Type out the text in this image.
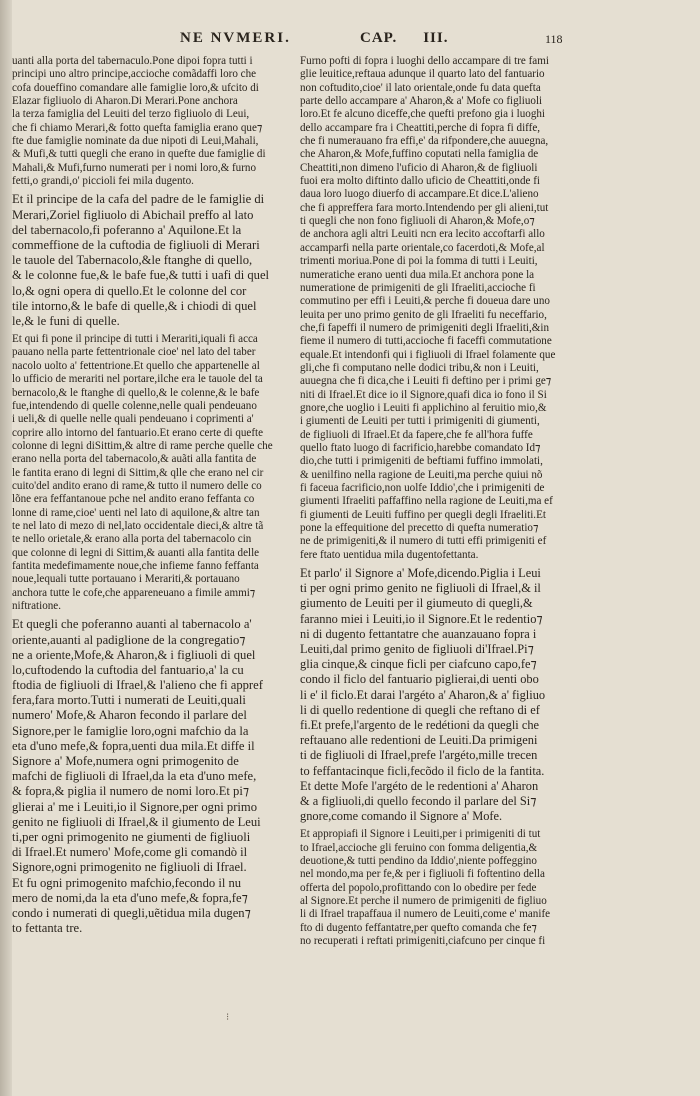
NE NVMERI.	CAP. III.	118
uanti alla porta del tabernaculo.Pone dipoi fopra tutti i
principi uno altro principe,accioche comãdaffi loro che
cofa doueffino comandare alle famiglie loro,& ufcito di
Elazar figliuolo di Aharon.Di Merari.Pone anchora
la terza famiglia del Leuiti del terzo figliuolo di Leui,
che fi chiamo Merari,& fotto quefta famiglia erano que⁊
fte due famiglie nominate da due nipoti di Leui,Mahali,
& Mufi,& tutti quegli che erano in quefte due famiglie di
Mahali,& Mufi,furno numerati per i nomi loro,& furno
fetti,o grandi,o' piccioli fei mila dugento.
Et il principe de la cafa del padre de le famiglie di
Merari,Zoriel figliuolo di Abichail preffo al lato
del tabernacolo,fi poferanno a' Aquilone.Et la
commeffione de la cuftodia de figliuoli di Merari
le tauole del Tabernacolo,&le ftanghe di quello,
& le colonne fue,& le bafe fue,& tutti i uafi di quel
lo,& ogni opera di quello.Et le colonne del cor
tile intorno,& le bafe di quelle,& i chiodi di quel
le,& le funi di quelle.
Et qui fi pone il principe di tutti i Merariti,iquali fi acca
pauano nella parte fettentrionale cioe' nel lato del taber
nacolo uolto a' fettentrione.Et quello che appartenelle al
lo ufficio de merariti nel portare,ilche era le tauole del ta
bernacolo,& le ftanghe di quello,& le colenne,& le bafe
fue,intendendo di quelle colenne,nelle quali pendeuano
i ueli,& di quelle nelle quali pendeuano i coprimenti a'
coprire allo intorno del fantuario.Et erano certe di quefte
colonne di legni diSittim,& altre di rame perche quelle che
erano nella porta del tabernacolo,& auãti alla fantita de
le fantita erano di legni di Sittim,& qlle che erano nel cir
cuito'del andito erano di rame,& tutto il numero delle co
lõne era feffantanoue pche nel andito erano feffanta co
lonne di rame,cioe' uenti nel lato di aquilone,& altre tan
te nel lato di mezo di nel,lato occidentale dieci,& altre tã
te nello orietale,& erano alla porta del tabernacolo cin
que colonne di legni di Sittim,& auanti alla fantita delle
fantita medefimamente noue,che infieme fanno feffanta
noue,lequali tutte portauano i Merariti,& portauano
anchora tutte le cofe,che appareneuano a fimile ammi⁊
niftratione.
Et quegli che poferanno auanti al tabernacolo a'
oriente,auanti al padiglione de la congregatio⁊
ne a oriente,Mofe,& Aharon,& i figliuoli di quel
lo,cuftodendo la cuftodia del fantuario,a' la cu
ftodia de figliuoli di Ifrael,& l'alieno che fi appref
fera,fara morto.Tutti i numerati de Leuiti,quali
numero' Mofe,& Aharon fecondo il parlare del
Signore,per le famiglie loro,ogni mafchio da la
eta d'uno mefe,& fopra,uenti dua mila.Et diffe il
Signore a' Mofe,numera ogni primogenito de
mafchi de figliuoli di Ifrael,da la eta d'uno mefe,
& fopra,& piglia il numero de nomi loro.Et pi⁊
glierai a' me i Leuiti,io il Signore,per ogni primo
genito ne figliuoli di Ifrael,& il giumento de Leui
ti,per ogni primogenito ne giumenti de figliuoli
di Ifrael.Et numero' Mofe,come gli comandò il
Signore,ogni primogenito ne figliuoli di Ifrael.
Et fu ogni primogenito mafchio,fecondo il nu
mero de nomi,da la eta d'uno mefe,& fopra,fe⁊
condo i numerati di quegli,uẽtidua mila dugen⁊
to fettanta tre.
Furno pofti di fopra i luoghi dello accampare di tre fami
glie leuitice,reftaua adunque il quarto lato del fantuario
non coftudito,cioe' il lato orientale,onde fu data quefta
parte dello accampare a' Aharon,& a' Mofe co figliuoli
loro.Et fe alcuno diceffe,che quefti prefono gia i luoghi
dello accampare fra i Cheattiti,perche di fopra fi diffe,
che fi numerauano fra effi,e' da rifpondere,che auuegna,
che Aharon,& Mofe,fuffino coputati nella famiglia de
Cheattiti,non dimeno l'uficio di Aharon,& de figliuoli
fuoi era molto diftinto dallo uficio de Cheattiti,onde fi
daua loro luogo diuerfo di accampare.Et dice.L'alieno
che fi appreffera fara morto.Intendendo per gli alieni,tut
ti quegli che non fono figliuoli di Aharon,& Mofe,o⁊
de anchora agli altri Leuiti ncn era lecito accoftarfi allo
accamparfi nella parte orientale,co facerdoti,& Mofe,al
trimenti moriua.Pone di poi la fomma di tutti i Leuiti,
numeratiche erano uenti dua mila.Et anchora pone la
numeratione de primigeniti de gli Ifraeliti,accioche fi
commutino per effi i Leuiti,& perche fi doueua dare uno
leuita per uno primo genito de gli Ifraeliti fu neceffario,
che,fi fapeffi il numero de primigeniti degli Ifraeliti,&in
fieme il numero di tutti,accioche fi faceffi commutatione
equale.Et intendonfi qui i figliuoli di Ifrael folamente que
gli,che fi computano nelle dodici tribu,& non i Leuiti,
auuegna che fi dica,che i Leuiti fi deftino per i primi ge⁊
niti di Ifrael.Et dice io il Signore,quafi dica io fono il Si
gnore,che uoglio i Leuiti fi applichino al feruitio mio,&
i giumenti de Leuiti per tutti i primigeniti di giumenti,
de figliuoli di Ifrael.Et da fapere,che fe all'hora fuffe
quello ftato luogo di facrificio,harebbe comandato Id⁊
dio,che tutti i primigeniti de beftiami fuffino immolati,
& uenilfino nella ragione de Leuiti,ma perche quiui nõ
fi faceua facrificio,non uolfe Iddio',che i primigeniti de
giumenti Ifraeliti paffaffino nella ragione de Leuiti,ma ef
fi giumenti de Leuiti fuffino per quegli degli Ifraeliti.Et
pone la effequitione del precetto di quefta numeratio⁊
ne de primigeniti,& il numero di tutti effi primigeniti ef
fere ftato uentidua mila dugentofettanta.
Et parlo' il Signore a' Mofe,dicendo.Piglia i Leui
ti per ogni primo genito ne figliuoli di Ifrael,& il
giumento de Leuiti per il giumeuto di quegli,&
faranno miei i Leuiti,io il Signore.Et le redentio⁊
ni di dugento fettantatre che auanzauano fopra i
Leuiti,dal primo genito de figliuoli di'Ifrael.Pi⁊
glia cinque,& cinque ficli per ciafcuno capo,fe⁊
condo il ficlo del fantuario piglierai,di uenti obo
li e' il ficlo.Et darai l'argéto a' Aharon,& a' figliuo
li di quello redentione di quegli che reftano di ef
fi.Et prefe,l'argento de le redétioni da quegli che
reftauano alle redentioni de Leuiti.Da primigeni
ti de figliuoli di Ifrael,prefe l'argéto,mille trecen
to feffantacinque ficli,fecõdo il ficlo de la fantita.
Et dette Mofe l'argéto de le redentioni a' Aharon
& a figliuoli,di quello fecondo il parlare del Si⁊
gnore,come comando il Signore a' Mofe.
Et appropiafi il Signore i Leuiti,per i primigeniti di tut
to Ifrael,accioche gli feruino con fomma deligentia,&
deuotione,& tutti pendino da Iddio',niente poffeggino
nel mondo,ma per fe,& per i figliuoli fi foftentino della
offerta del popolo,profittando con lo obedire per fede
al Signore.Et perche il numero de primigeniti de figliuo
li di Ifrael trapaffaua il numero de Leuiti,come e' manife
fto di dugento feffantatre,per quefto comanda che fe⁊
no recuperati i reftati primigeniti,ciafcuno per cinque fi
⁝
